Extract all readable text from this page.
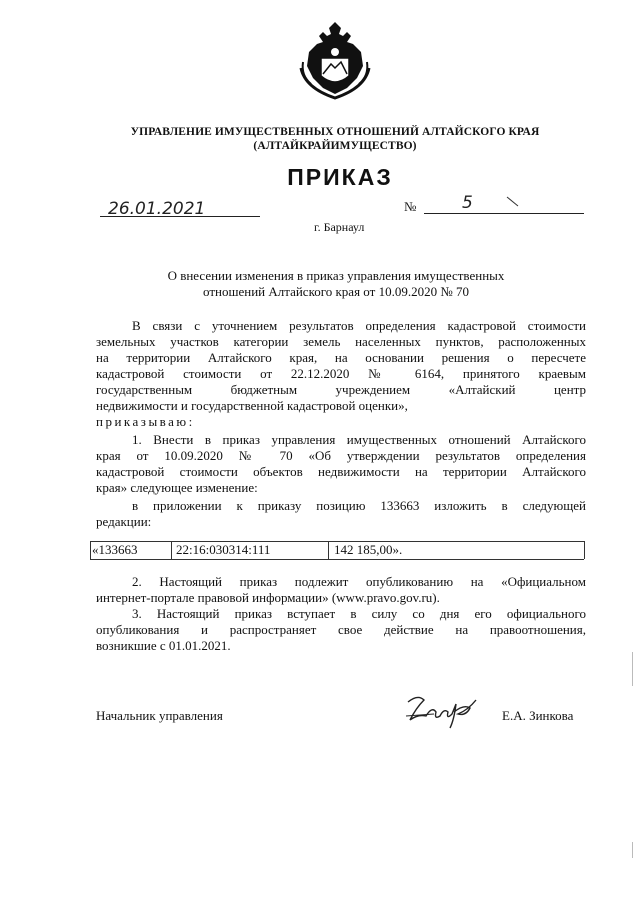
УПРАВЛЕНИЕ ИМУЩЕСТВЕННЫХ ОТНОШЕНИЙ АЛТАЙСКОГО КРАЯ
(АЛТАЙКРАЙИМУЩЕСТВО)
ПРИКАЗ
26.01.2021	№	5
г. Барнаул
О внесении изменения в приказ управления имущественных
отношений Алтайского края от 10.09.2020 № 70
В связи с уточнением результатов определения кадастровой стоимости
земельных участков категории земель населенных пунктов, расположенных
на территории Алтайского края, на основании решения о пересчете
кадастровой стоимости от 22.12.2020 № 6164, принятого краевым
государственным бюджетным учреждением «Алтайский центр
недвижимости и государственной кадастровой оценки»,
приказываю:
1. Внести в приказ управления имущественных отношений Алтайского
края от 10.09.2020 № 70 «Об утверждении результатов определения
кадастровой стоимости объектов недвижимости на территории Алтайского
края» следующее изменение:
в приложении к приказу позицию 133663 изложить в следующей
редакции:
«133663	22:16:030314:111	142 185,00».
2. Настоящий приказ подлежит опубликованию на «Официальном
интернет-портале правовой информации» (www.pravo.gov.ru).
3. Настоящий приказ вступает в силу со дня его официального
опубликования и распространяет свое действие на правоотношения,
возникшие с 01.01.2021.
Начальник управления	Е.А. Зинкова
